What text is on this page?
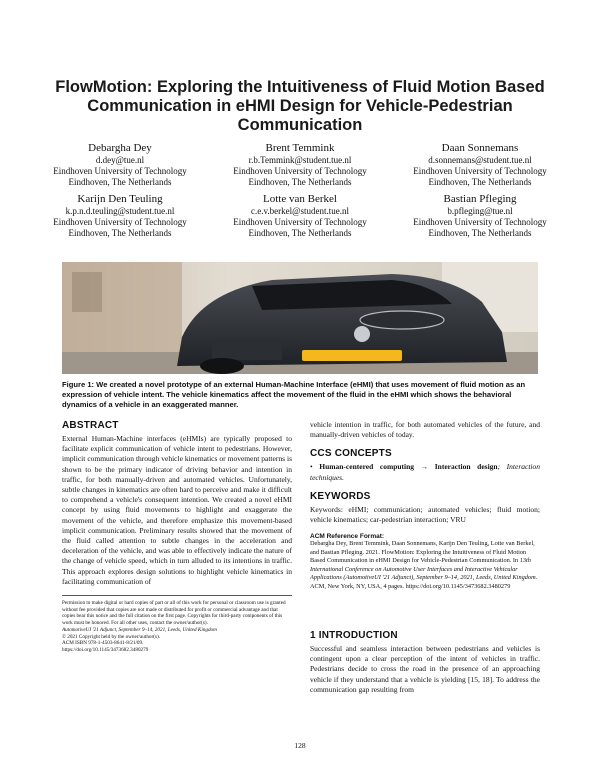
FlowMotion: Exploring the Intuitiveness of Fluid Motion Based Communication in eHMI Design for Vehicle-Pedestrian Communication
Debargha Dey
d.dey@tue.nl
Eindhoven University of Technology
Eindhoven, The Netherlands
Brent Temmink
r.b.Temmink@student.tue.nl
Eindhoven University of Technology
Eindhoven, The Netherlands
Daan Sonnemans
d.sonnemans@student.tue.nl
Eindhoven University of Technology
Eindhoven, The Netherlands
Karijn Den Teuling
k.p.n.d.teuling@student.tue.nl
Eindhoven University of Technology
Eindhoven, The Netherlands
Lotte van Berkel
c.e.v.berkel@student.tue.nl
Eindhoven University of Technology
Eindhoven, The Netherlands
Bastian Pfleging
b.pfleging@tue.nl
Eindhoven University of Technology
Eindhoven, The Netherlands
Figure 1: We created a novel prototype of an external Human-Machine Interface (eHMI) that uses movement of fluid motion as an expression of vehicle intent. The vehicle kinematics affect the movement of the fluid in the eHMI which shows the behavioral dynamics of a vehicle in an exaggerated manner.
ABSTRACT

External Human-Machine interfaces (eHMIs) are typically proposed to facilitate explicit communication of vehicle intent to pedestrians. However, implicit communication through vehicle kinematics or movement patterns is shown to be the primary indicator of driving behavior and intention in traffic, for both manually-driven and automated vehicles. Unfortunately, subtle changes in kinematics are often hard to perceive and make it difficult to comprehend a vehicle's consequent intention. We created a novel eHMI concept by using fluid movements to highlight and exaggerate the movement of the vehicle, and therefore emphasize this movement-based implicit communication. Preliminary results showed that the movement of the fluid called attention to subtle changes in the acceleration and deceleration of the vehicle, and was able to effectively indicate the nature of the change of vehicle speed, which in turn alluded to its intentions in traffic. This approach explores design solutions to highlight vehicle kinematics in facilitating communication of

Permission to make digital or hard copies of part or all of this work for personal or classroom use is granted without fee provided that copies are not made or distributed for profit or commercial advantage and that copies bear this notice and the full citation on the first page. Copyrights for third-party components of this work must be honored. For all other uses, contact the owner/author(s).

AutomotiveUI '21 Adjunct, September 9–14, 2021, Leeds, United Kingdom

© 2021 Copyright held by the owner/author(s).

ACM ISBN 978-1-4503-8641-8/21/09.

https://doi.org/10.1145/3473682.3480279

vehicle intention in traffic, for both automated vehicles of the future, and manually-driven vehicles of today.

CCS CONCEPTS

• Human-centered computing → Interaction design; Interaction techniques.

KEYWORDS

Keywords: eHMI; communication; automated vehicles; fluid motion; vehicle kinematics; car-pedestrian interaction; VRU

ACM Reference Format:

Debargha Dey, Brent Temmink, Daan Sonnemans, Karijn Den Teuling, Lotte van Berkel, and Bastian Pfleging. 2021. FlowMotion: Exploring the Intuitiveness of Fluid Motion Based Communication in eHMI Design for Vehicle-Pedestrian Communication. In 13th International Conference on Automotive User Interfaces and Interactive Vehicular Applications (AutomotiveUI '21 Adjunct), September 9–14, 2021, Leeds, United Kingdom. ACM, New York, NY, USA, 4 pages. https://doi.org/10.1145/3473682.3480279

1 INTRODUCTION

Successful and seamless interaction between pedestrians and vehicles is contingent upon a clear perception of the intent of vehicles in traffic. Pedestrians decide to cross the road in the presence of an approaching vehicle if they understand that a vehicle is yielding [15, 18]. To address the communication gap resulting from

128
